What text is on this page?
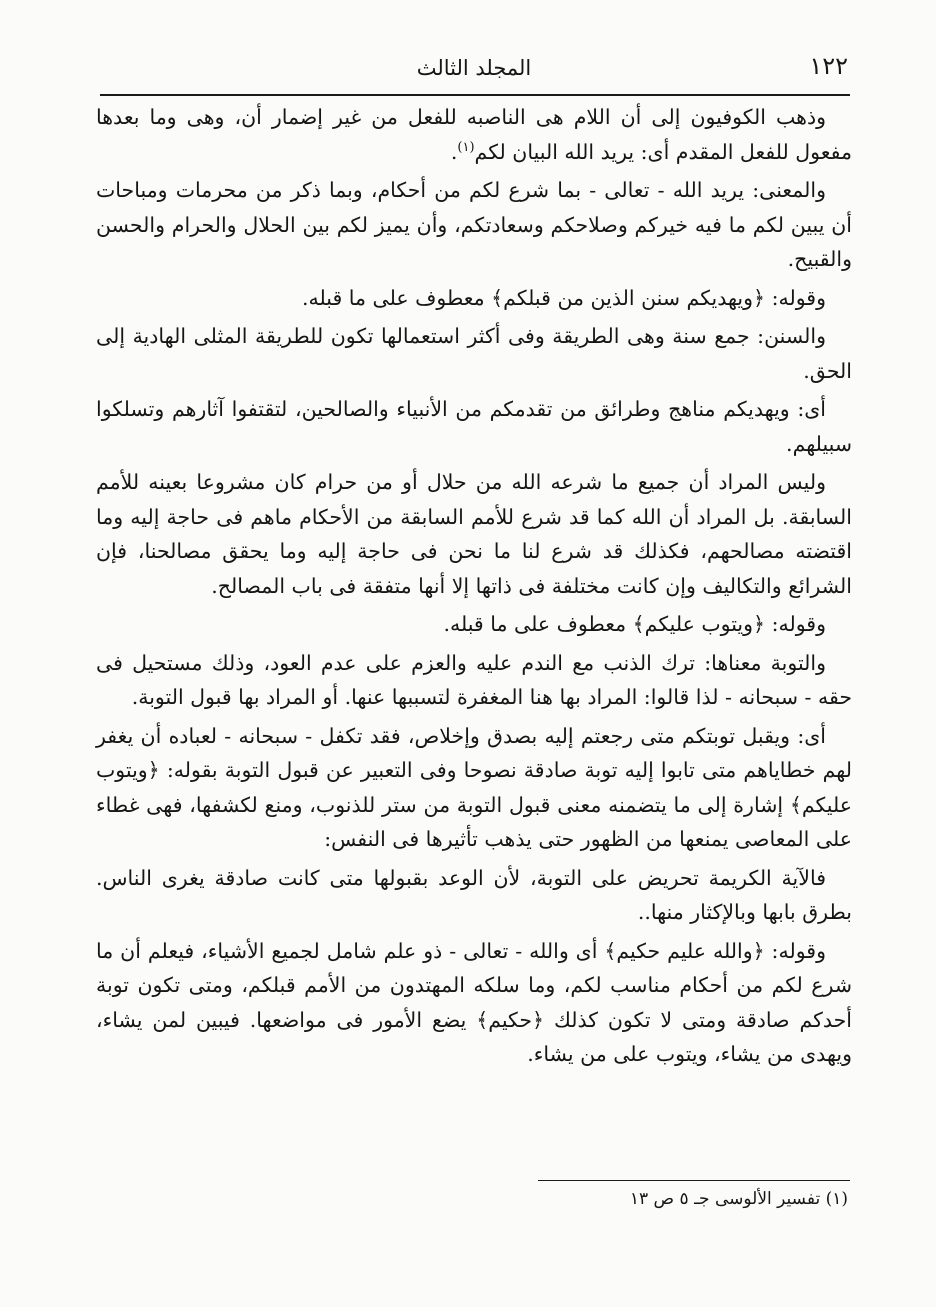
١٢٢
المجلد الثالث

وذهب الكوفيون إلى أن اللام هى الناصبه للفعل من غير إضمار أن، وهى وما بعدها مفعول للفعل المقدم أى: يريد الله البيان لكم$^{(١)}$.

والمعنى: يريد الله - تعالى - بما شرع لكم من أحكام، وبما ذكر من محرمات ومباحات أن يبين لكم ما فيه خيركم وصلاحكم وسعادتكم، وأن يميز لكم بين الحلال والحرام والحسن والقبيح.

وقوله: ﴿ويهديكم سنن الذين من قبلكم﴾ معطوف على ما قبله.

والسنن: جمع سنة وهى الطريقة وفى أكثر استعمالها تكون للطريقة المثلى الهادية إلى الحق.

أى: ويهديكم مناهج وطرائق من تقدمكم من الأنبياء والصالحين، لتقتفوا آثارهم وتسلكوا سبيلهم.

وليس المراد أن جميع ما شرعه الله من حلال أو من حرام كان مشروعا بعينه للأمم السابقة. بل المراد أن الله كما قد شرع للأمم السابقة من الأحكام ماهم فى حاجة إليه وما اقتضته مصالحهم، فكذلك قد شرع لنا ما نحن فى حاجة إليه وما يحقق مصالحنا، فإن الشرائع والتكاليف وإن كانت مختلفة فى ذاتها إلا أنها متفقة فى باب المصالح.

وقوله: ﴿ويتوب عليكم﴾ معطوف على ما قبله.

والتوبة معناها: ترك الذنب مع الندم عليه والعزم على عدم العود، وذلك مستحيل فى حقه - سبحانه - لذا قالوا: المراد بها هنا المغفرة لتسببها عنها. أو المراد بها قبول التوبة.

أى: ويقبل توبتكم متى رجعتم إليه بصدق وإخلاص، فقد تكفل - سبحانه - لعباده أن يغفر لهم خطاياهم متى تابوا إليه توبة صادقة نصوحا وفى التعبير عن قبول التوبة بقوله: ﴿ويتوب عليكم﴾ إشارة إلى ما يتضمنه معنى قبول التوبة من ستر للذنوب، ومنع لكشفها، فهى غطاء على المعاصى يمنعها من الظهور حتى يذهب تأثيرها فى النفس:

فالآية الكريمة تحريض على التوبة، لأن الوعد بقبولها متى كانت صادقة يغرى الناس. بطرق بابها وبالإكثار منها..

وقوله: ﴿والله عليم حكيم﴾ أى والله - تعالى - ذو علم شامل لجميع الأشياء، فيعلم أن ما شرع لكم من أحكام مناسب لكم، وما سلكه المهتدون من الأمم قبلكم، ومتى تكون توبة أحدكم صادقة ومتى لا تكون كذلك ﴿حكيم﴾ يضع الأمور فى مواضعها. فيبين لمن يشاء، ويهدى من يشاء، ويتوب على من يشاء.

(١) تفسير الألوسى جـ ٥ ص ١٣
